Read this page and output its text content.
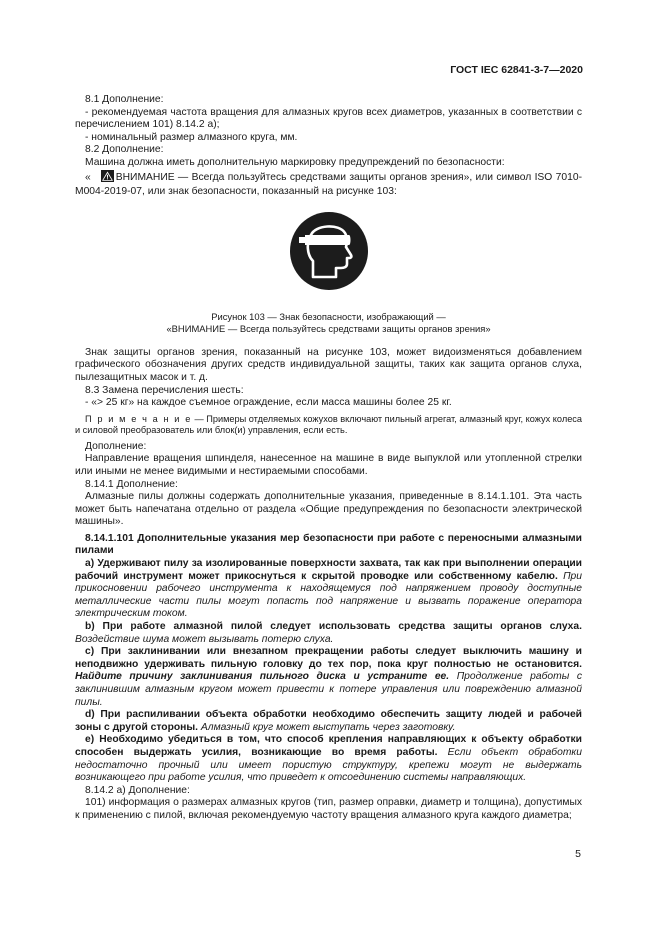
ГОСТ IEC 62841-3-7—2020

8.1 Дополнение:

- рекомендуемая частота вращения для алмазных кругов всех диаметров, указанных в соответствии с перечислением 101) 8.14.2 а);

- номинальный размер алмазного круга, мм.

8.2 Дополнение:

Машина должна иметь дополнительную маркировку предупреждений по безопасности:

« ВНИМАНИЕ — Всегда пользуйтесь средствами защиты органов зрения», или символ ISO 7010-M004-2019-07, или знак безопасности, показанный на рисунке 103:

Рисунок 103 — Знак безопасности, изображающий —
«ВНИМАНИЕ — Всегда пользуйтесь средствами защиты органов зрения»

Знак защиты органов зрения, показанный на рисунке 103, может видоизменяться добавлением графического обозначения других средств индивидуальной защиты, таких как защита органов слуха, пылезащитных масок и т. д.

8.3 Замена перечисления шесть:

- «> 25 кг» на каждое съемное ограждение, если масса машины более 25 кг.

П р и м е ч а н и е — Примеры отделяемых кожухов включают пильный агрегат, алмазный круг, кожух колеса и силовой преобразователь или блок(и) управления, если есть.

Дополнение:

Направление вращения шпинделя, нанесенное на машине в виде выпуклой или утопленной стрелки или иными не менее видимыми и нестираемыми способами.

8.14.1 Дополнение:

Алмазные пилы должны содержать дополнительные указания, приведенные в 8.14.1.101. Эта часть может быть напечатана отдельно от раздела «Общие предупреждения по безопасности электрической машины».

8.14.1.101 Дополнительные указания мер безопасности при работе с переносными алмазными пилами

a) Удерживают пилу за изолированные поверхности захвата, так как при выполнении операции рабочий инструмент может прикоснуться к скрытой проводке или собственному кабелю. При прикосновении рабочего инструмента к находящемуся под напряжением проводу доступные металлические части пилы могут попасть под напряжение и вызвать поражение оператора электрическим током.

b) При работе алмазной пилой следует использовать средства защиты органов слуха. Воздействие шума может вызывать потерю слуха.

c) При заклинивании или внезапном прекращении работы следует выключить машину и неподвижно удерживать пильную головку до тех пор, пока круг полностью не остановится. Найдите причину заклинивания пильного диска и устраните ее. Продолжение работы с заклинившим алмазным кругом может привести к потере управления или повреждению алмазной пилы.

d) При распиливании объекта обработки необходимо обеспечить защиту людей и рабочей зоны с другой стороны. Алмазный круг может выступать через заготовку.

e) Необходимо убедиться в том, что способ крепления направляющих к объекту обработки способен выдержать усилия, возникающие во время работы. Если объект обработки недостаточно прочный или имеет пористую структуру, крепежи могут не выдержать возникающего при работе усилия, что приведет к отсоединению системы направляющих.

8.14.2 а) Дополнение:

101) информация о размерах алмазных кругов (тип, размер оправки, диаметр и толщина), допустимых к применению с пилой, включая рекомендуемую частоту вращения алмазного круга каждого диаметра;

5
